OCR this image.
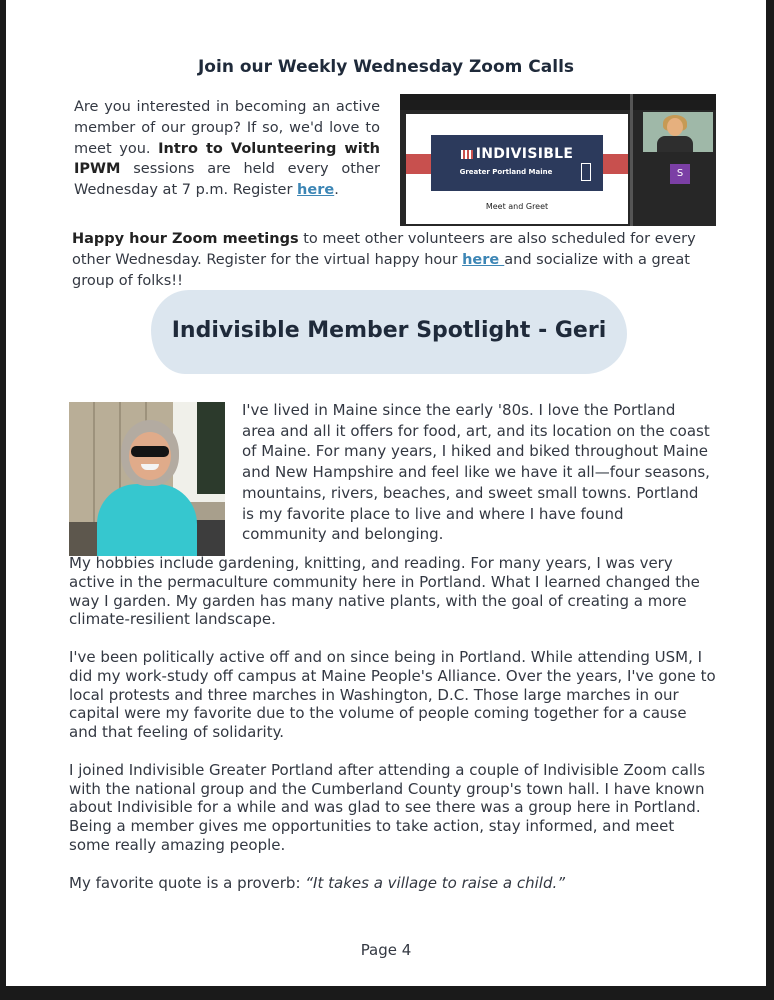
Join our Weekly Wednesday Zoom Calls
Are you interested in becoming an active member of our group? If so, we'd love to meet you. Intro to Volunteering with IPWM sessions are held every other Wednesday at 7 p.m. Register here.
INDIVISIBLE
Greater Portland Maine
Meet and Greet
S
Happy hour Zoom meetings to meet other volunteers are also scheduled for every other Wednesday. Register for the virtual happy hour here and socialize with a great group of folks!!
Indivisible Member Spotlight - Geri
I've lived in Maine since the early '80s. I love the Portland area and all it offers for food, art, and its location on the coast of Maine. For many years, I hiked and biked throughout Maine and New Hampshire and feel like we have it all—four seasons, mountains, rivers, beaches, and sweet small towns. Portland is my favorite place to live and where I have found community and belonging.

My hobbies include gardening, knitting, and reading. For many years, I was very active in the permaculture community here in Portland. What I learned changed the way I garden. My garden has many native plants, with the goal of creating a more climate-resilient landscape.

I've been politically active off and on since being in Portland. While attending USM, I did my work-study off campus at Maine People's Alliance. Over the years, I've gone to local protests and three marches in Washington, D.C. Those large marches in our capital were my favorite due to the volume of people coming together for a cause and that feeling of solidarity.

I joined Indivisible Greater Portland after attending a couple of Indivisible Zoom calls with the national group and the Cumberland County group's town hall. I have known about Indivisible for a while and was glad to see there was a group here in Portland. Being a member gives me opportunities to take action, stay informed, and meet some really amazing people.

My favorite quote is a proverb: “It takes a village to raise a child.”

Page 4
